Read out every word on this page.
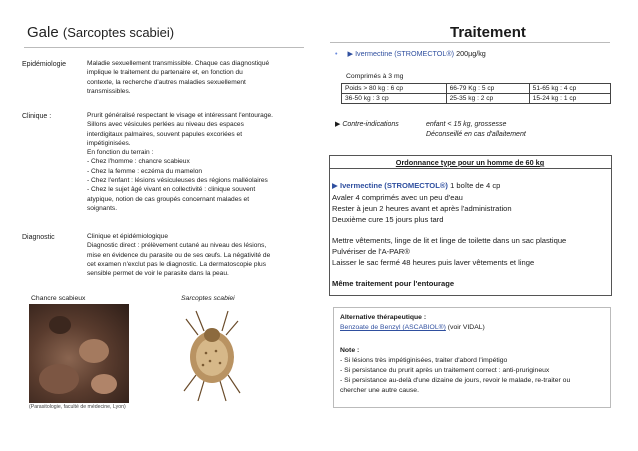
Gale (Sarcoptes scabiei)
Epidémiologie	Maladie sexuellement transmissible. Chaque cas diagnostiqué
implique le traitement du partenaire et, en fonction du
contexte, la recherche d'autres maladies sexuellement
transmissibles.
Clinique :	Prurit généralisé respectant le visage et intéressant l'entourage.
Sillons avec vésicules perlées au niveau des espaces
interdigitaux palmaires, souvent papules excoriées et
impétiginisées.
En fonction du terrain :
- Chez l'homme : chancre scabieux
- Chez la femme : eczéma du mamelon
- Chez l'enfant : lésions vésiculeuses des régions malléolaires
- Chez le sujet âgé vivant en collectivité : clinique souvent
atypique, notion de cas groupés concernant malades et
soignants.
Diagnostic	Clinique et épidémiologique
Diagnostic direct : prélèvement cutané au niveau des lésions,
mise en évidence du parasite ou de ses œufs. La négativité de
cet examen n'exclut pas le diagnostic. La dermatoscopie plus
sensible permet de voir le parasite dans la peau.
Chancre scabieux	Sarcoptes scabiei
(Parasitologie, faculté de médecine, Lyon)
Traitement
• ▶ Ivermectine (STROMECTOL®) 200µg/kg
Comprimés à 3 mg
Poids > 80 kg : 6 cp	66-79 Kg : 5 cp	51-65 kg : 4 cp
36-50 kg : 3 cp	25-35 kg : 2 cp	15-24 kg : 1 cp
▶ Contre-indications	enfant < 15 kg, grossesse
Déconseillé en cas d'allaitement
Ordonnance type pour un homme de 60 kg
▶ Ivermectine (STROMECTOL®) 1 boîte de 4 cp
Avaler 4 comprimés avec un peu d'eau
Rester à jeun 2 heures avant et après l'administration
Deuxième cure 15 jours plus tard
Mettre vêtements, linge de lit et linge de toilette dans un sac plastique
Pulvériser de l'A-PAR®
Laisser le sac fermé 48 heures puis laver vêtements et linge
Même traitement pour l'entourage
Alternative thérapeutique :
Benzoate de Benzyl (ASCABIOL®) (voir VIDAL)
Note :
- Si lésions très impétiginisées, traiter d'abord l'impétigo
- Si persistance du prurit après un traitement correct : anti-prurigineux
- Si persistance au-delà d'une dizaine de jours, revoir le malade, re-traiter ou
chercher une autre cause.
